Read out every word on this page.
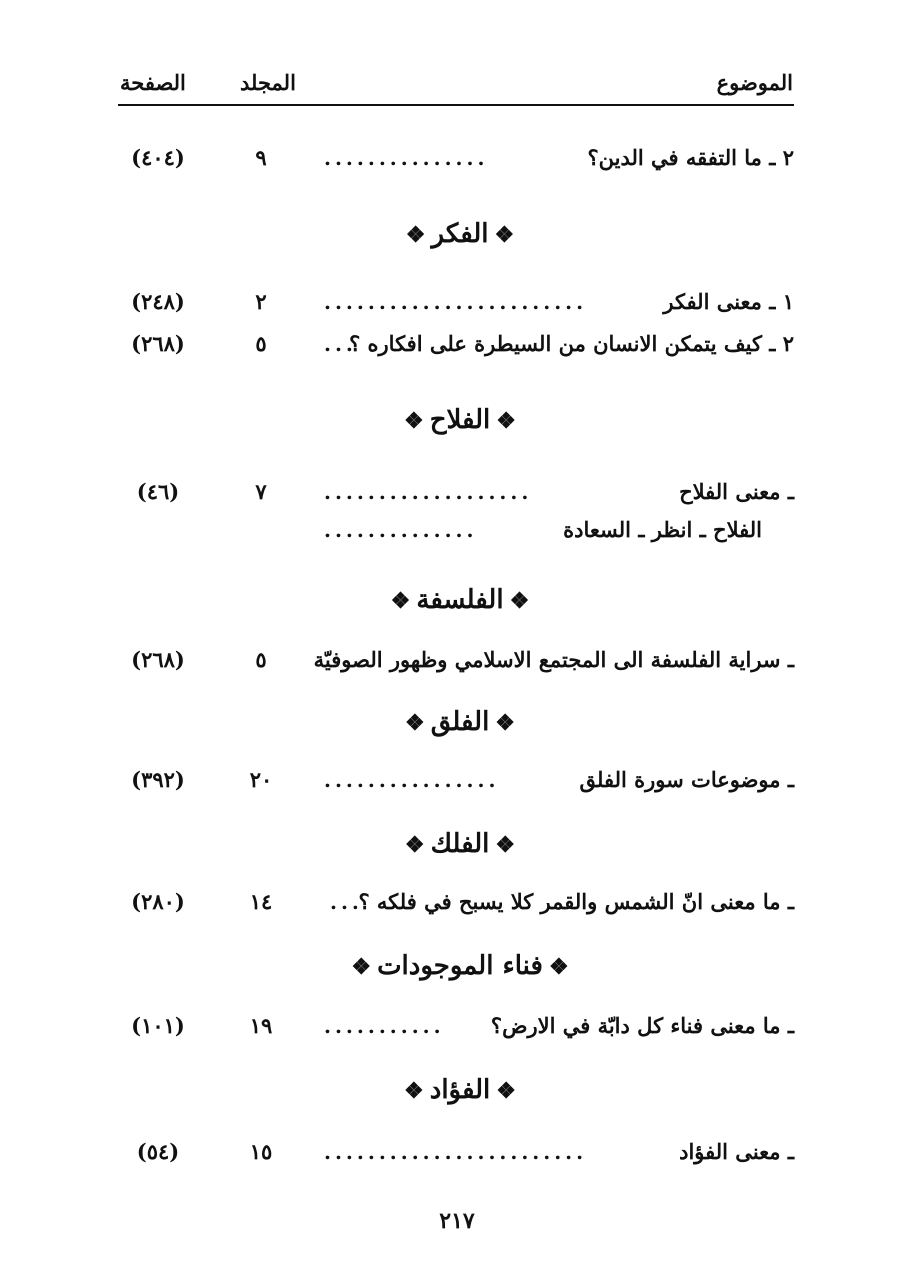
الموضوع
المجلد
الصفحة
٢ ـ ما التفقه في الدين؟
...............
٩
(٤٠٤)
❖الفكر❖
١ ـ معنى الفكر
........................
٢
(٢٤٨)
٢ ـ كيف يتمكن الانسان من السيطرة على افكاره ؟
...
٥
(٢٦٨)
❖الفلاح❖
ـ معنى الفلاح
...................
٧
(٤٦)
الفلاح ـ انظر ـ السعادة
..............
❖الفلسفة❖
ـ سراية الفلسفة الى المجتمع الاسلامي وظهور الصوفيّة
٥
(٢٦٨)
❖الفلق❖
ـ موضوعات سورة الفلق
................
٢٠
(٣٩٢)
❖الفلك❖
ـ ما معنى انّ الشمس والقمر كلا يسبح في فلكه ؟
...
١٤
(٢٨٠)
❖فناء الموجودات❖
ـ ما معنى فناء كل دابّة في الارض؟
...........
١٩
(١٠١)
❖الفؤاد❖
ـ معنى الفؤاد
........................
١٥
(٥٤)
٢١٧
